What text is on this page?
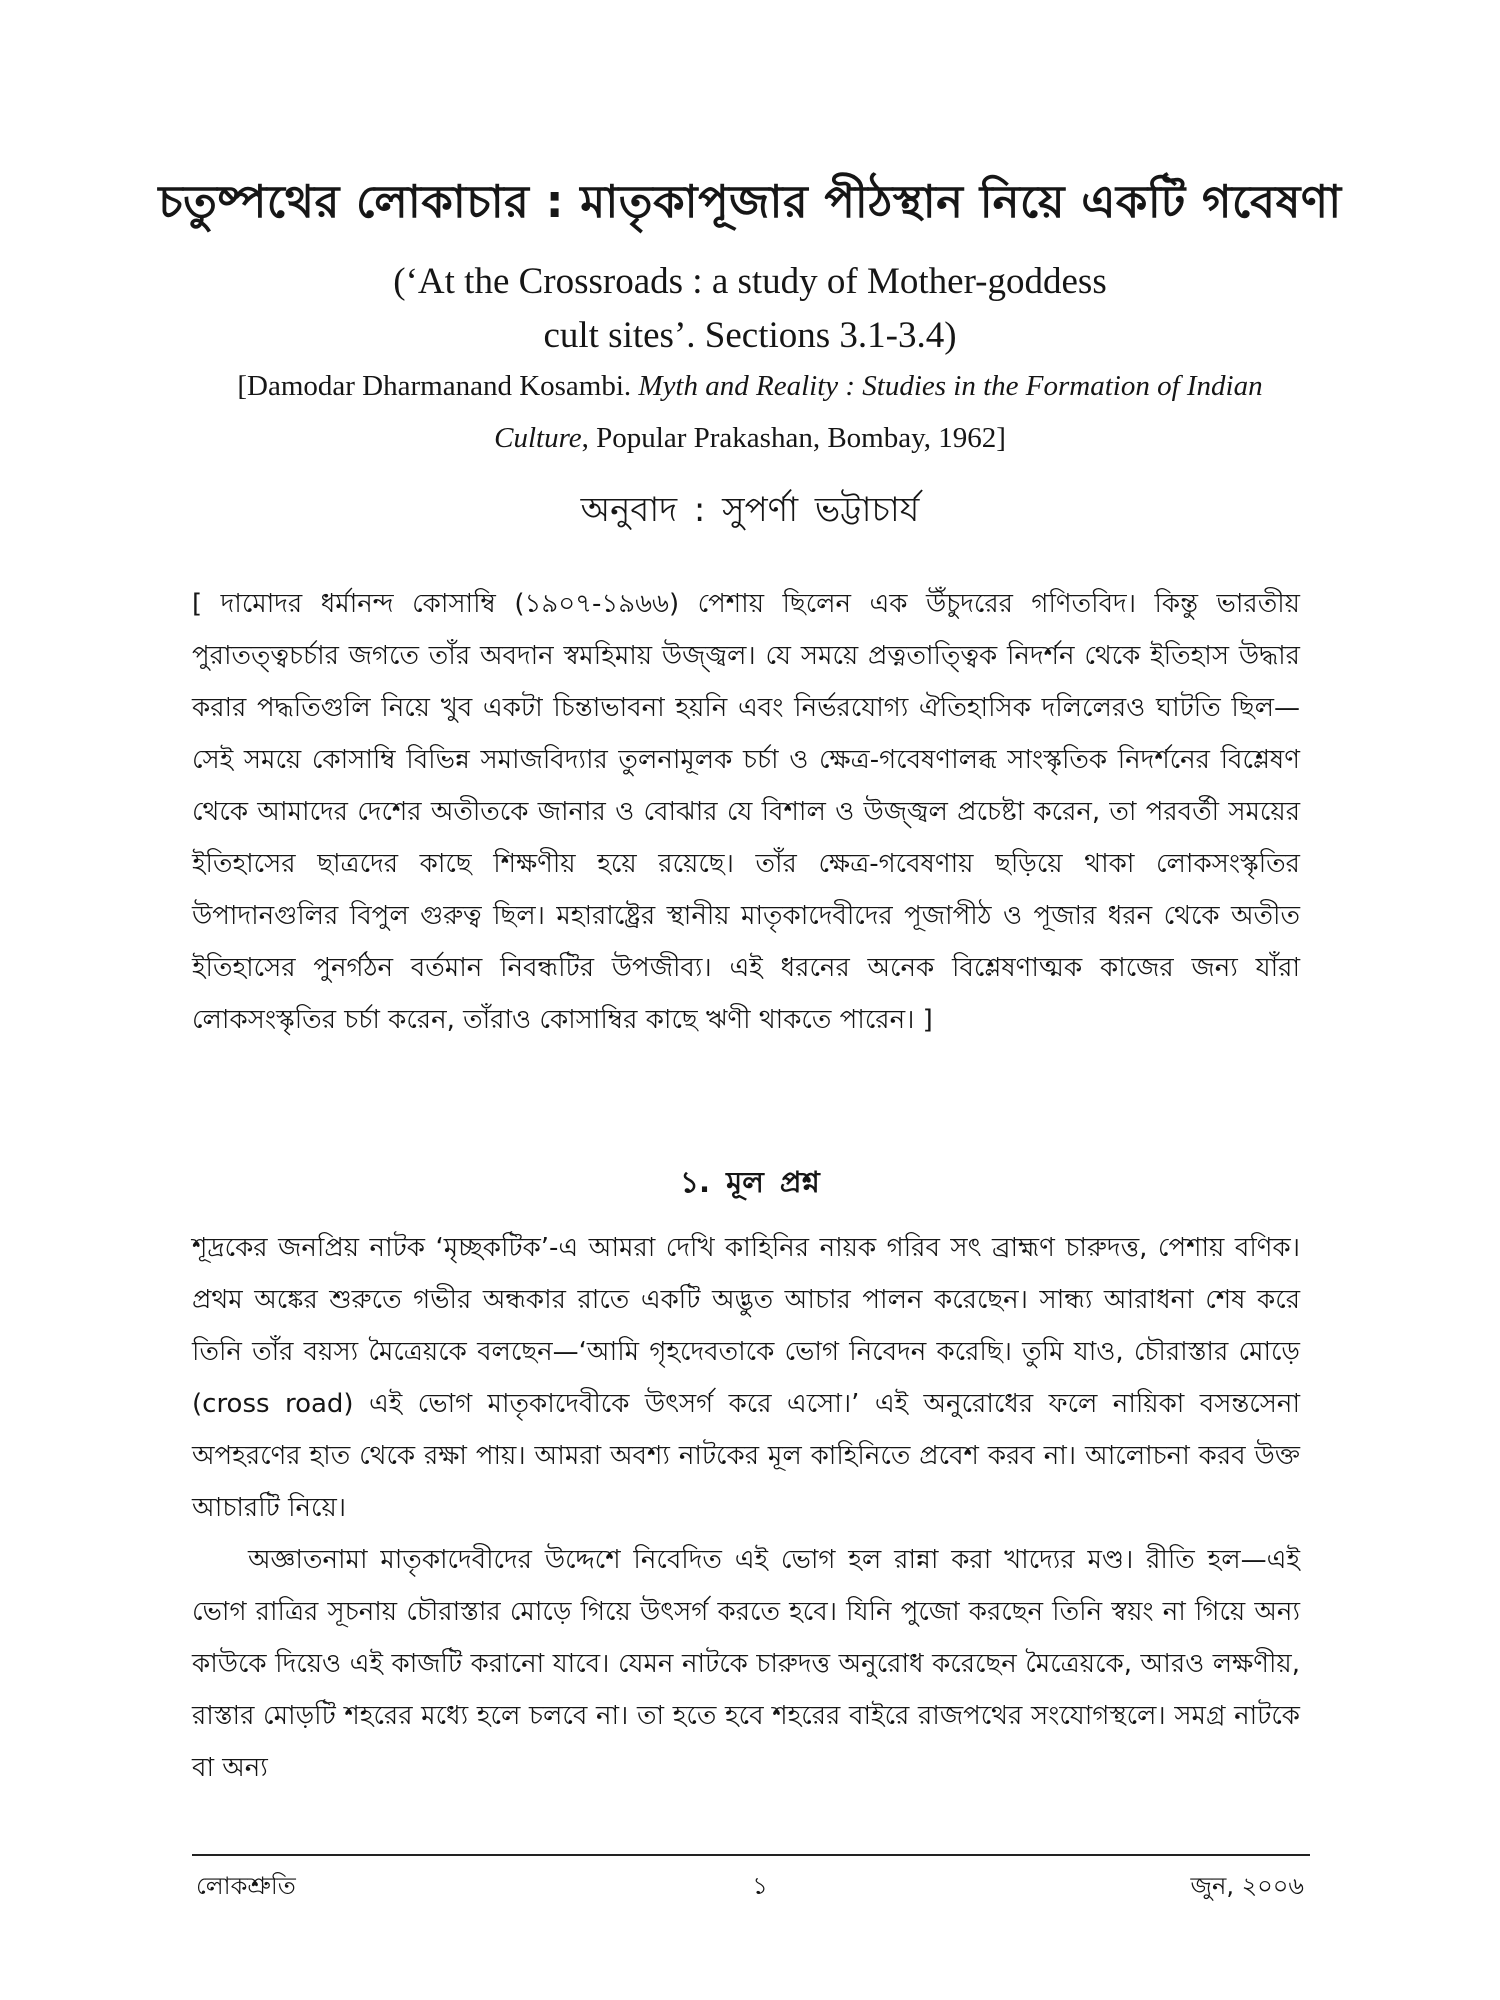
চতুষ্পথের লোকাচার : মাতৃকাপূজার পীঠস্থান নিয়ে একটি গবেষণা
(‘At the Crossroads : a study of Mother-goddess
cult sites’. Sections 3.1-3.4)
[Damodar Dharmanand Kosambi. Myth and Reality : Studies in the Formation of Indian Culture, Popular Prakashan, Bombay, 1962]
অনুবাদ : সুপর্ণা ভট্টাচার্য

[ দামোদর ধর্মানন্দ কোসাম্বি (১৯০৭-১৯৬৬) পেশায় ছিলেন এক উঁচুদরের গণিতবিদ। কিন্তু ভারতীয় পুরাতত্ত্বচর্চার জগতে তাঁর অবদান স্বমহিমায় উজ্জ্বল। যে সময়ে প্রত্নতাত্ত্বিক নিদর্শন থেকে ইতিহাস উদ্ধার করার পদ্ধতিগুলি নিয়ে খুব একটা চিন্তাভাবনা হয়নি এবং নির্ভরযোগ্য ঐতিহাসিক দলিলেরও ঘাটতি ছিল—সেই সময়ে কোসাম্বি বিভিন্ন সমাজবিদ্যার তুলনামূলক চর্চা ও ক্ষেত্র-গবেষণালব্ধ সাংস্কৃতিক নিদর্শনের বিশ্লেষণ থেকে আমাদের দেশের অতীতকে জানার ও বোঝার যে বিশাল ও উজ্জ্বল প্রচেষ্টা করেন, তা পরবর্তী সময়ের ইতিহাসের ছাত্রদের কাছে শিক্ষণীয় হয়ে রয়েছে। তাঁর ক্ষেত্র-গবেষণায় ছড়িয়ে থাকা লোকসংস্কৃতির উপাদানগুলির বিপুল গুরুত্ব ছিল। মহারাষ্ট্রের স্থানীয় মাতৃকাদেবীদের পূজাপীঠ ও পূজার ধরন থেকে অতীত ইতিহাসের পুনর্গঠন বর্তমান নিবন্ধটির উপজীব্য। এই ধরনের অনেক বিশ্লেষণাত্মক কাজের জন্য যাঁরা লোকসংস্কৃতির চর্চা করেন, তাঁরাও কোসাম্বির কাছে ঋণী থাকতে পারেন। ]

১. মূল প্রশ্ন

শূদ্রকের জনপ্রিয় নাটক ‘মৃচ্ছকটিক’-এ আমরা দেখি কাহিনির নায়ক গরিব সৎ ব্রাহ্মণ চারুদত্ত, পেশায় বণিক। প্রথম অঙ্কের শুরুতে গভীর অন্ধকার রাতে একটি অদ্ভুত আচার পালন করেছেন। সান্ধ্য আরাধনা শেষ করে তিনি তাঁর বয়স্য মৈত্রেয়কে বলছেন—‘আমি গৃহদেবতাকে ভোগ নিবেদন করেছি। তুমি যাও, চৌরাস্তার মোড়ে (cross road) এই ভোগ মাতৃকাদেবীকে উৎসর্গ করে এসো।’ এই অনুরোধের ফলে নায়িকা বসন্তসেনা অপহরণের হাত থেকে রক্ষা পায়। আমরা অবশ্য নাটকের মূল কাহিনিতে প্রবেশ করব না। আলোচনা করব উক্ত আচারটি নিয়ে।

অজ্ঞাতনামা মাতৃকাদেবীদের উদ্দেশে নিবেদিত এই ভোগ হল রান্না করা খাদ্যের মণ্ড। রীতি হল—এই ভোগ রাত্রির সূচনায় চৌরাস্তার মোড়ে গিয়ে উৎসর্গ করতে হবে। যিনি পুজো করছেন তিনি স্বয়ং না গিয়ে অন্য কাউকে দিয়েও এই কাজটি করানো যাবে। যেমন নাটকে চারুদত্ত অনুরোধ করেছেন মৈত্রেয়কে, আরও লক্ষণীয়, রাস্তার মোড়টি শহরের মধ্যে হলে চলবে না। তা হতে হবে শহরের বাইরে রাজপথের সংযোগস্থলে। সমগ্র নাটকে বা অন্য

লোকশ্রুতি	১	জুন, ২০০৬
